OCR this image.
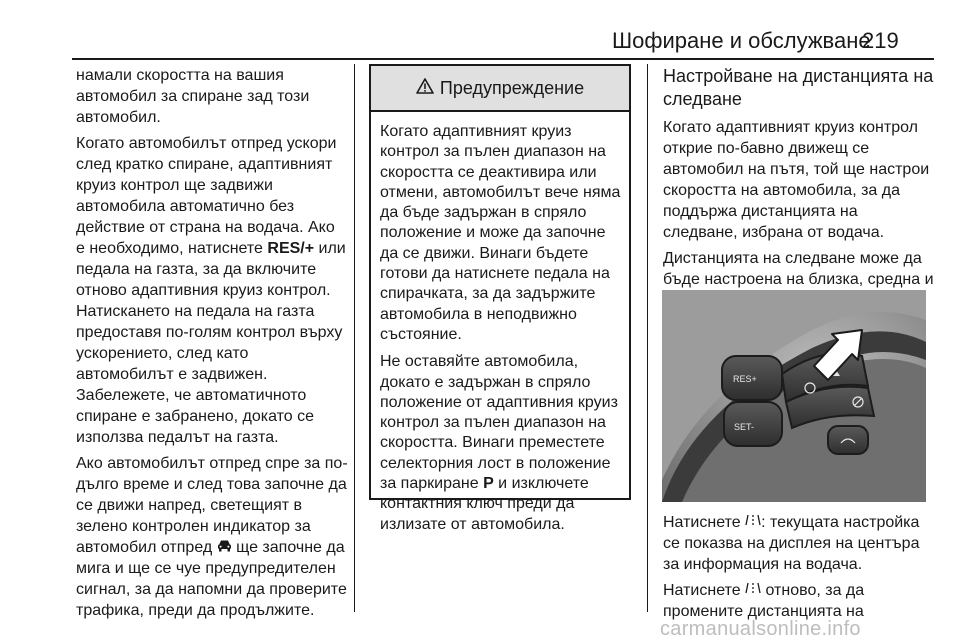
Шофиране и обслужване
219

намали скоростта на вашия автомобил за спиране зад този автомобил.

Когато автомобилът отпред ускори след кратко спиране, адаптивният круиз контрол ще задвижи автомобила автоматично без действие от страна на водача. Ако е необходимо, натиснете RES/+ или педала на газта, за да включите отново адаптивния круиз контрол. Натискането на педала на газта предоставя по-голям контрол върху ускорението, след като автомобилът е задвижен. Забележете, че автоматичното спиране е забранено, докато се използва педалът на газта.

Ако автомобилът отпред спре за по-дълго време и след това започне да се движи напред, светещият в зелено контролен индикатор за автомобил отпред  ще започне да мига и ще се чуе предупредителен сигнал, за да напомни да проверите трафика, преди да продължите.

Предупреждение

Когато адаптивният круиз контрол за пълен диапазон на скоростта се деактивира или отмени, автомобилът вече няма да бъде задържан в спряло положение и може да започне да се движи. Винаги бъдете готови да натиснете педала на спирачката, за да задържите автомобила в неподвижно състояние.

Не оставяйте автомобила, докато е задържан в спряло положение от адаптивния круиз контрол за пълен диапазон на скоростта. Винаги преместете селекторния лост в положение за паркиране P и изключете контактния ключ преди да излизате от автомобила.

Настройване на дистанцията на следване

Когато адаптивният круиз контрол открие по-бавно движещ се автомобил на пътя, той ще настрои скоростта на автомобила, за да поддържа дистанцията на следване, избрана от водача.

Дистанцията на следване може да бъде настроена на близка, средна и

RES+
SET-

Натиснете : текущата настройка се показва на дисплея на центъра за информация на водача.

Натиснете  отново, за да промените дистанцията на

carmanualsonline.info
